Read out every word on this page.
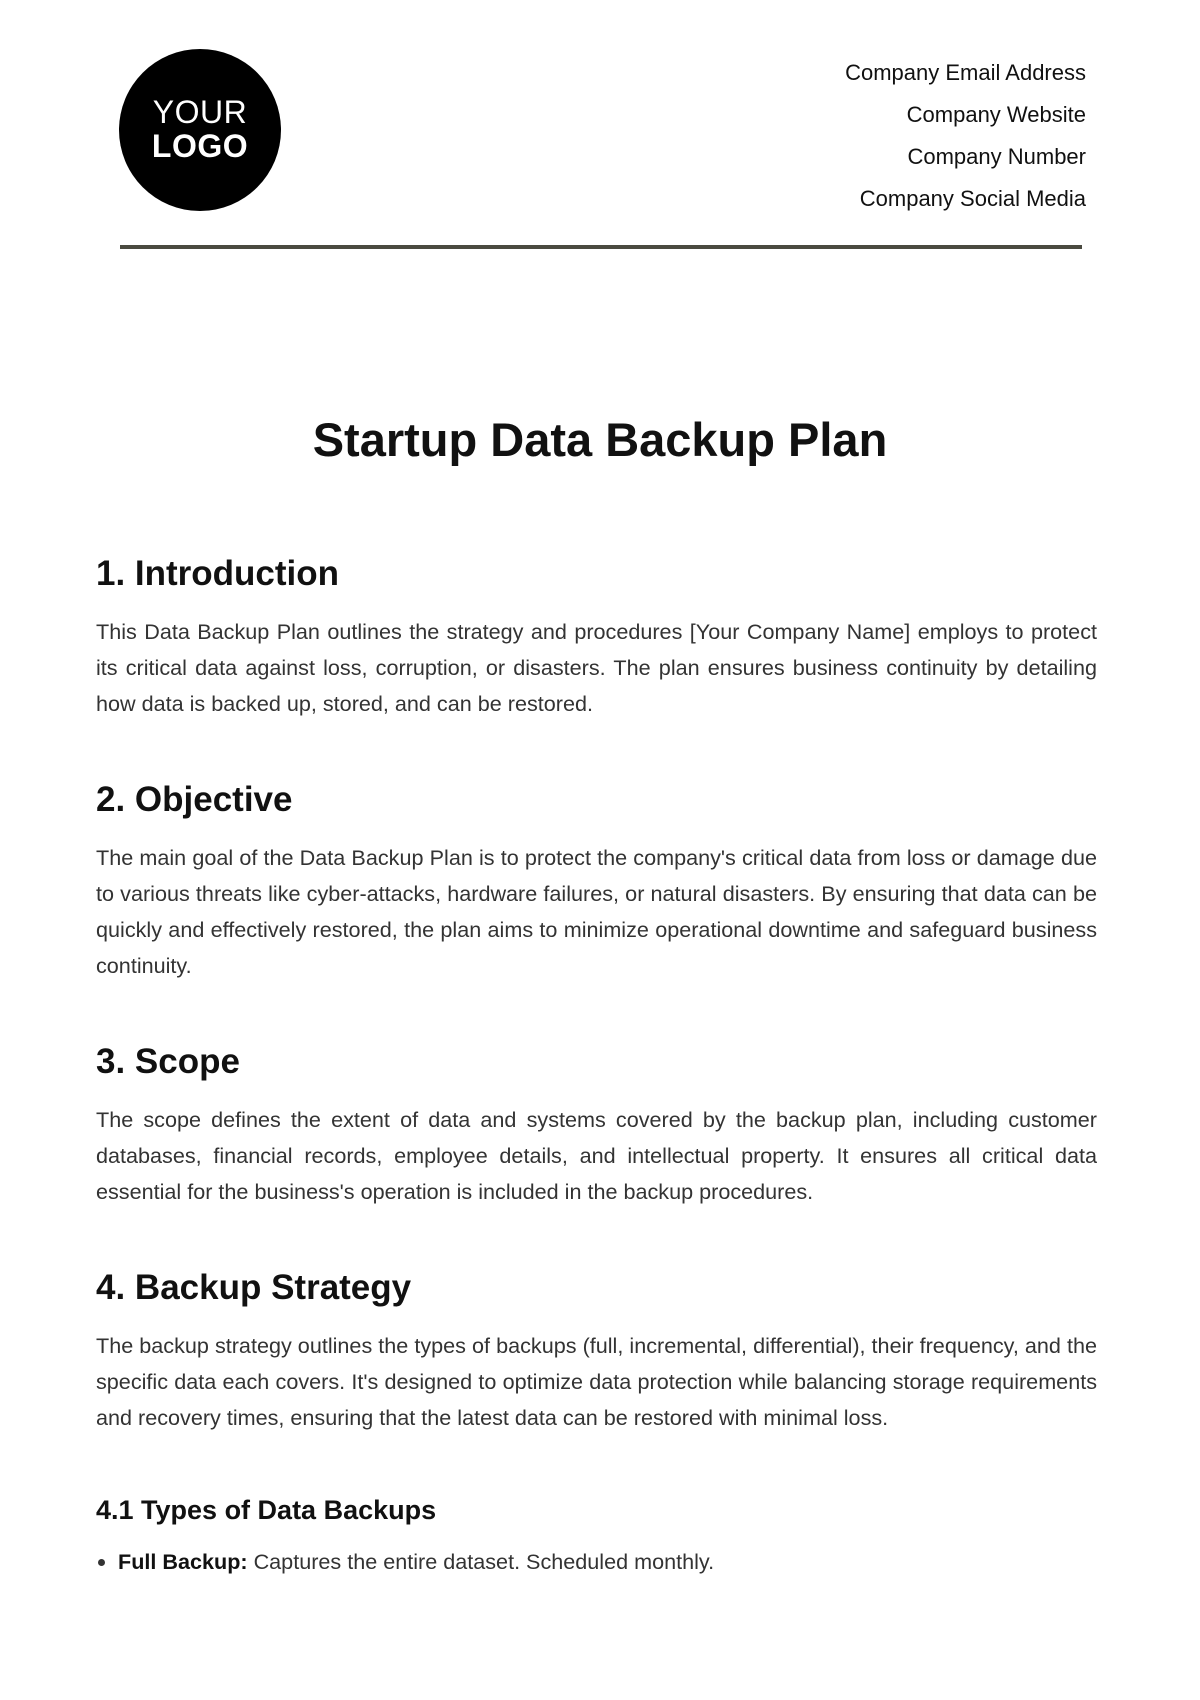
YOUR
LOGO
Company Email Address
Company Website
Company Number
Company Social Media
Startup Data Backup Plan
1. Introduction

This Data Backup Plan outlines the strategy and procedures [Your Company Name] employs to protect its critical data against loss, corruption, or disasters. The plan ensures business continuity by detailing how data is backed up, stored, and can be restored.

2. Objective

The main goal of the Data Backup Plan is to protect the company's critical data from loss or damage due to various threats like cyber-attacks, hardware failures, or natural disasters. By ensuring that data can be quickly and effectively restored, the plan aims to minimize operational downtime and safeguard business continuity.

3. Scope

The scope defines the extent of data and systems covered by the backup plan, including customer databases, financial records, employee details, and intellectual property. It ensures all critical data essential for the business's operation is included in the backup procedures.

4. Backup Strategy

The backup strategy outlines the types of backups (full, incremental, differential), their frequency, and the specific data each covers. It's designed to optimize data protection while balancing storage requirements and recovery times, ensuring that the latest data can be restored with minimal loss.

4.1 Types of Data Backups
• Full Backup: Captures the entire dataset. Scheduled monthly.
